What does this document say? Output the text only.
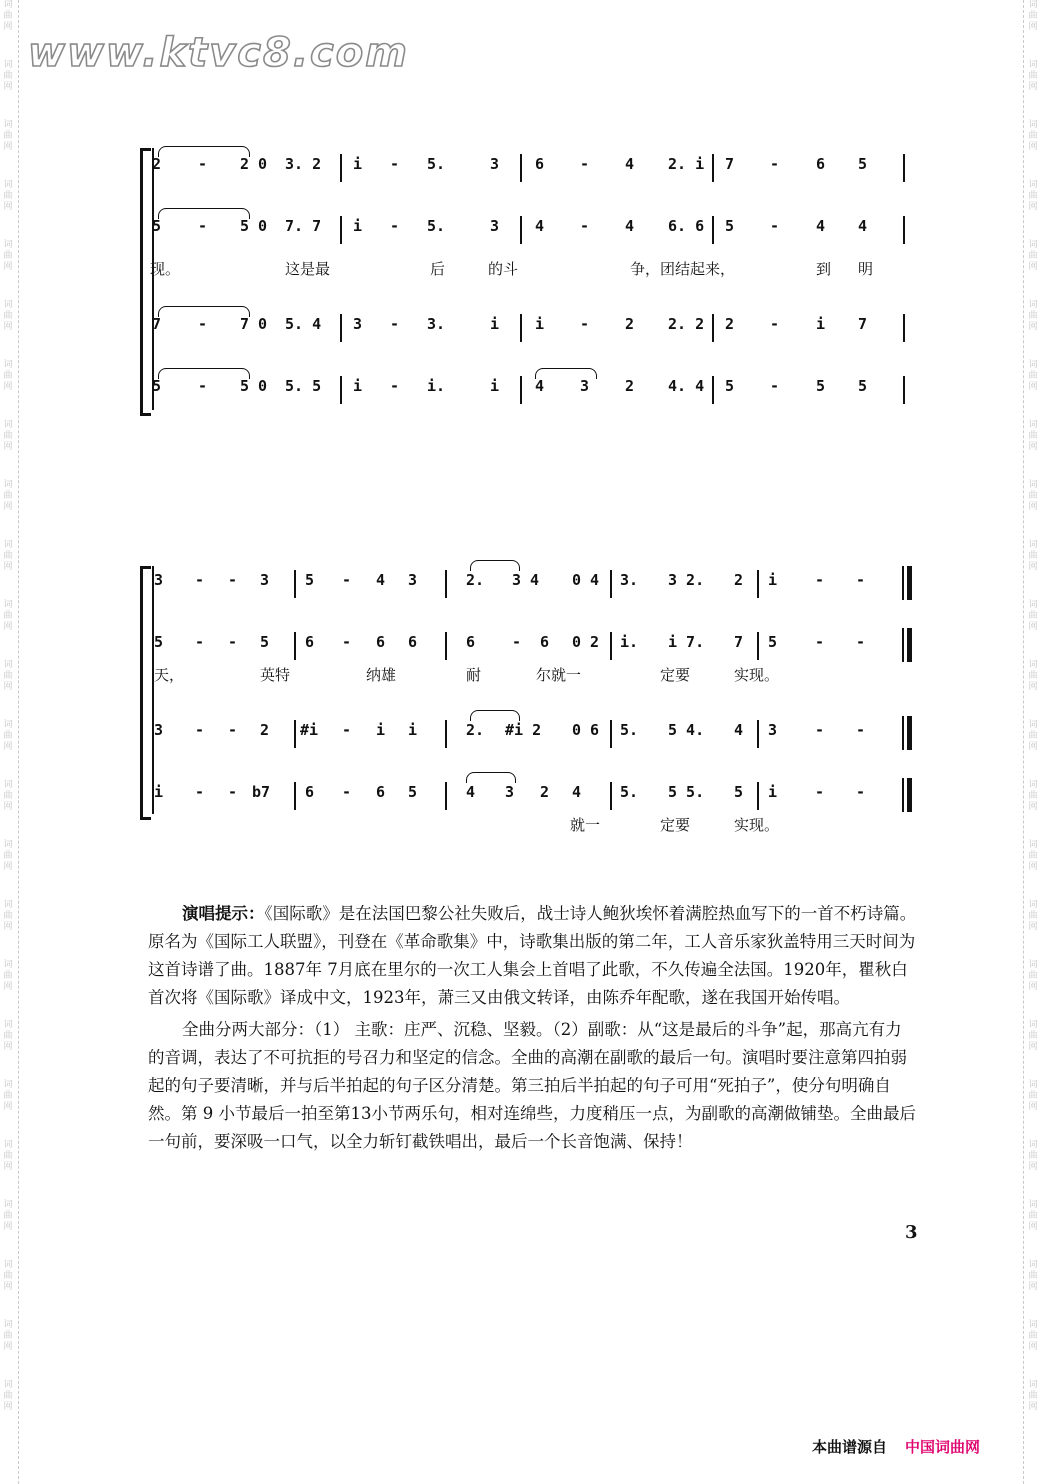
词曲网
词曲网
词曲网
词曲网
词曲网
词曲网
词曲网
词曲网
词曲网
词曲网
词曲网
词曲网
词曲网
词曲网
词曲网
词曲网
词曲网
词曲网
词曲网
词曲网
词曲网
词曲网
词曲网
词曲网
词曲网
词曲网
词曲网
词曲网
词曲网
词曲网
词曲网
词曲网
词曲网
词曲网
词曲网
词曲网
词曲网
词曲网
词曲网
词曲网
词曲网
词曲网
词曲网
词曲网
词曲网
词曲网
词曲网
词曲网
www.ktvc8.com
2 - 2 0 3. 2 i - 5.	3 6 - 4 2. i 7 - 6 5
5 - 5 0 7. 7 i - 5.	3 4 - 4 6. 6 5 - 4 4
现。	这是最	后	的斗	争，团结起来，	到 明
7 - 7 0 5. 4 3 - 3.	i i - 2 2. 2 2 - i 7
5 - 5 0 5. 5 i - i.	i 4 3 2 4. 4 5 - 5 5
3 - - 3 5 - 4 3	2. 3 4 0 4 3. 3 2. 2 i	- -
5 - - 5 6 - 6 6	6 - 6 0 2 i. i 7. 7 5	- -
天，	英特	纳雄	耐	尔就一	定要	实现。
3 - - 2 #i - i i	2. #i 2 0 6 5. 5 4. 4 3	- -
i - - b7 6 - 6 5	4 3 2 4	5. 5 5. 5 i	- -
就一	定要	实现。

演唱提示：《国际歌》是在法国巴黎公社失败后，战士诗人鲍狄埃怀着满腔热血写下的一首不朽诗篇。原名为《国际工人联盟》，刊登在《革命歌集》中，诗歌集出版的第二年，工人音乐家狄盖特用三天时间为这首诗谱了曲。1887年 7月底在里尔的一次工人集会上首唱了此歌，不久传遍全法国。1920年，瞿秋白首次将《国际歌》译成中文，1923年，萧三又由俄文转译，由陈乔年配歌，遂在我国开始传唱。

全曲分两大部分：（1） 主歌：庄严、沉稳、坚毅。（2）副歌：从“这是最后的斗争”起，那高亢有力的音调，表达了不可抗拒的号召力和坚定的信念。全曲的高潮在副歌的最后一句。演唱时要注意第四拍弱起的句子要清晰，并与后半拍起的句子区分清楚。第三拍后半拍起的句子可用“死拍子”，使分句明确自然。第 9 小节最后一拍至第13小节两乐句，相对连绵些，力度稍压一点，为副歌的高潮做铺垫。全曲最后一句前，要深吸一口气，以全力斩钉截铁唱出，最后一个长音饱满、保持！

3
本曲谱源自 中国词曲网
